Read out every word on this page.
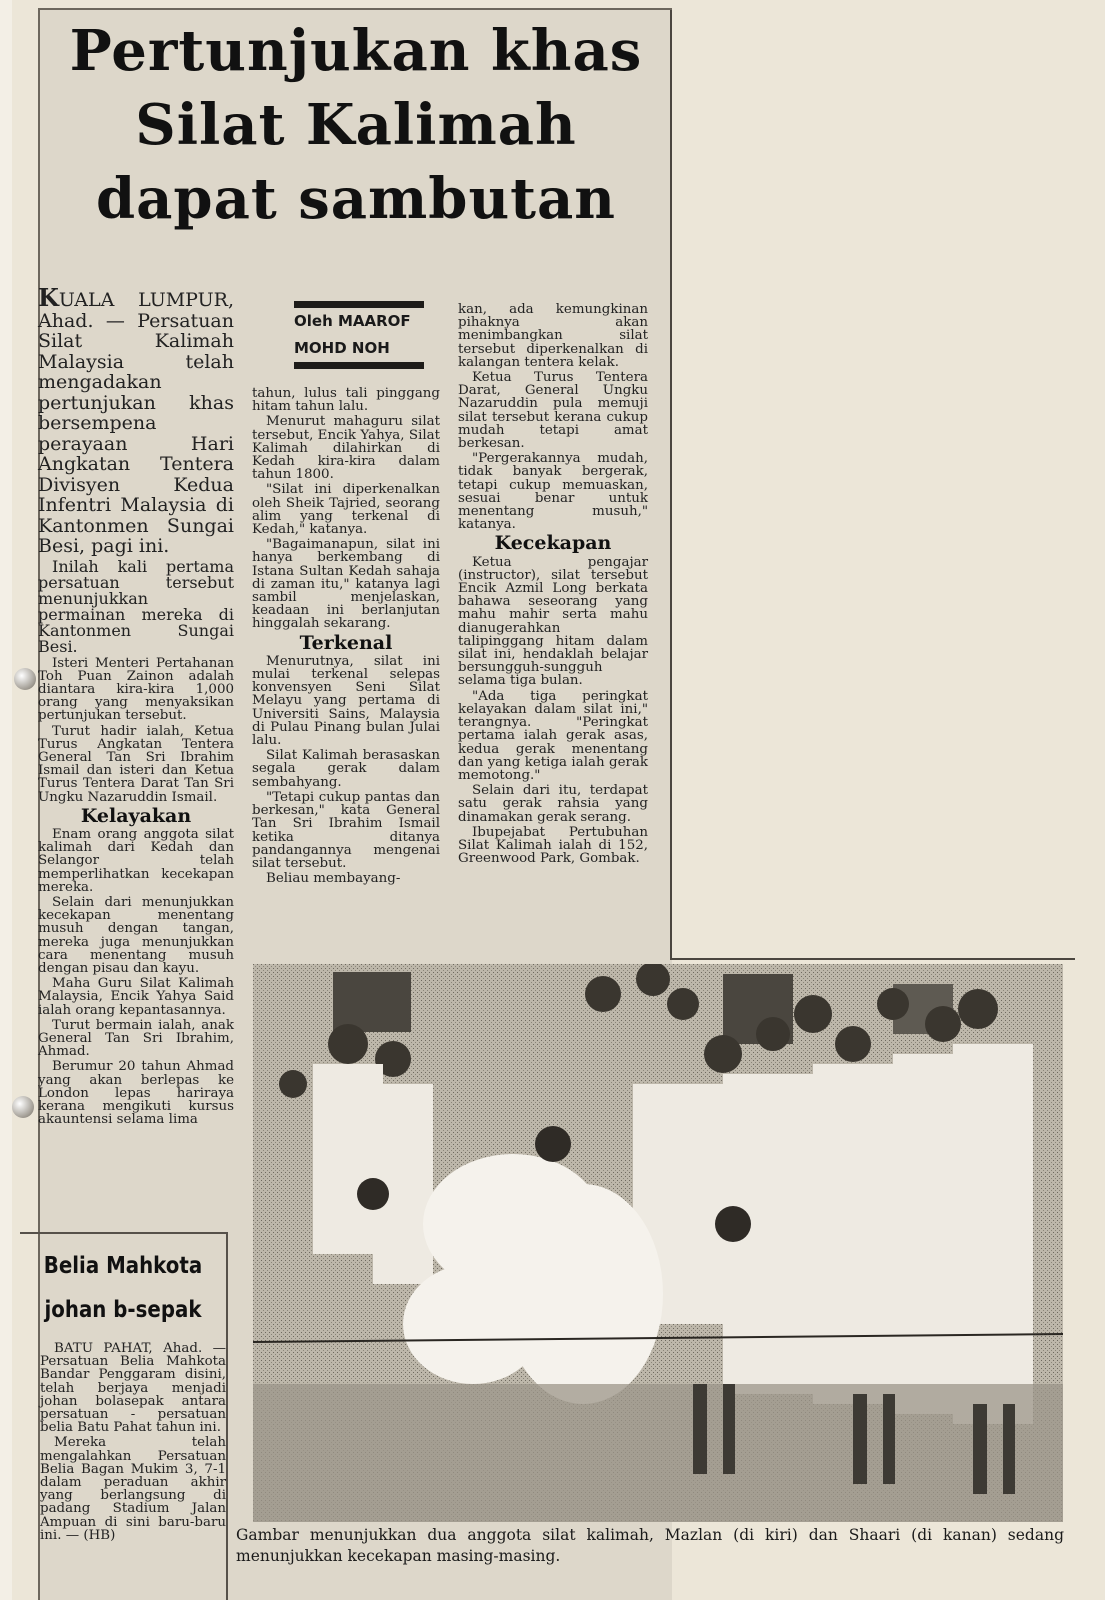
Pertunjukan khas
Silat Kalimah
dapat sambutan
Oleh MAAROF
MOHD NOH

KUALA LUMPUR, Ahad. — Persatuan Silat Kalimah Malaysia telah mengadakan pertunjukan khas bersempena perayaan Hari Angkatan Tentera Divisyen Kedua Infentri Malaysia di Kantonmen Sungai Besi, pagi ini.

Inilah kali pertama persatuan tersebut menunjukkan permainan mereka di Kantonmen Sungai Besi.

Isteri Menteri Pertahanan Toh Puan Zainon adalah diantara kira-kira 1,000 orang yang menyaksikan pertunjukan tersebut.

Turut hadir ialah, Ketua Turus Angkatan Tentera General Tan Sri Ibrahim Ismail dan isteri dan Ketua Turus Tentera Darat Tan Sri Ungku Nazaruddin Ismail.

Kelayakan

Enam orang anggota silat kalimah dari Kedah dan Selangor telah memperlihatkan kecekapan mereka.

Selain dari menunjukkan kecekapan menentang musuh dengan tangan, mereka juga menunjukkan cara menentang musuh dengan pisau dan kayu.

Maha Guru Silat Kalimah Malaysia, Encik Yahya Said ialah orang kepantasannya.

Turut bermain ialah, anak General Tan Sri Ibrahim, Ahmad.

Berumur 20 tahun Ahmad yang akan berlepas ke London lepas hariraya kerana mengikuti kursus akauntensi selama lima

tahun, lulus tali pinggang hitam tahun lalu.

Menurut mahaguru silat tersebut, Encik Yahya, Silat Kalimah dilahirkan di Kedah kira-kira dalam tahun 1800.

"Silat ini diperkenalkan oleh Sheik Tajried, seorang alim yang terkenal di Kedah," katanya.

"Bagaimanapun, silat ini hanya berkembang di Istana Sultan Kedah sahaja di zaman itu," katanya lagi sambil menjelaskan, keadaan ini berlanjutan hinggalah sekarang.

Terkenal

Menurutnya, silat ini mulai terkenal selepas konvensyen Seni Silat Melayu yang pertama di Universiti Sains, Malaysia di Pulau Pinang bulan Julai lalu.

Silat Kalimah berasaskan segala gerak dalam sembahyang.

"Tetapi cukup pantas dan berkesan," kata General Tan Sri Ibrahim Ismail ketika ditanya pandangannya mengenai silat tersebut.

Beliau membayang-

kan, ada kemungkinan pihaknya akan menimbangkan silat tersebut diperkenalkan di kalangan tentera kelak.

Ketua Turus Tentera Darat, General Ungku Nazaruddin pula memuji silat tersebut kerana cukup mudah tetapi amat berkesan.

"Pergerakannya mudah, tidak banyak bergerak, tetapi cukup memuaskan, sesuai benar untuk menentang musuh," katanya.

Kecekapan

Ketua pengajar (instructor), silat tersebut Encik Azmil Long berkata bahawa seseorang yang mahu mahir serta mahu dianugerahkan talipinggang hitam dalam silat ini, hendaklah belajar bersungguh-sungguh selama tiga bulan.

"Ada tiga peringkat kelayakan dalam silat ini," terangnya. "Peringkat pertama ialah gerak asas, kedua gerak menentang dan yang ketiga ialah gerak memotong."

Selain dari itu, terdapat satu gerak rahsia yang dinamakan gerak serang.

Ibupejabat Pertubuhan Silat Kalimah ialah di 152, Greenwood Park, Gombak.

Belia Mahkota
johan b-sepak

BATU PAHAT, Ahad. — Persatuan Belia Mahkota Bandar Penggaram disini, telah berjaya menjadi johan bolasepak antara persatuan - persatuan belia Batu Pahat tahun ini.

Mereka telah mengalahkan Persatuan Belia Bagan Mukim 3, 7-1 dalam peraduan akhir yang berlangsung di padang Stadium Jalan Ampuan di sini baru-baru ini. — (HB)	Gambar menunjukkan dua anggota silat kalimah, Mazlan (di kiri) dan Shaari (di kanan) sedang menunjukkan kecekapan masing-masing.
